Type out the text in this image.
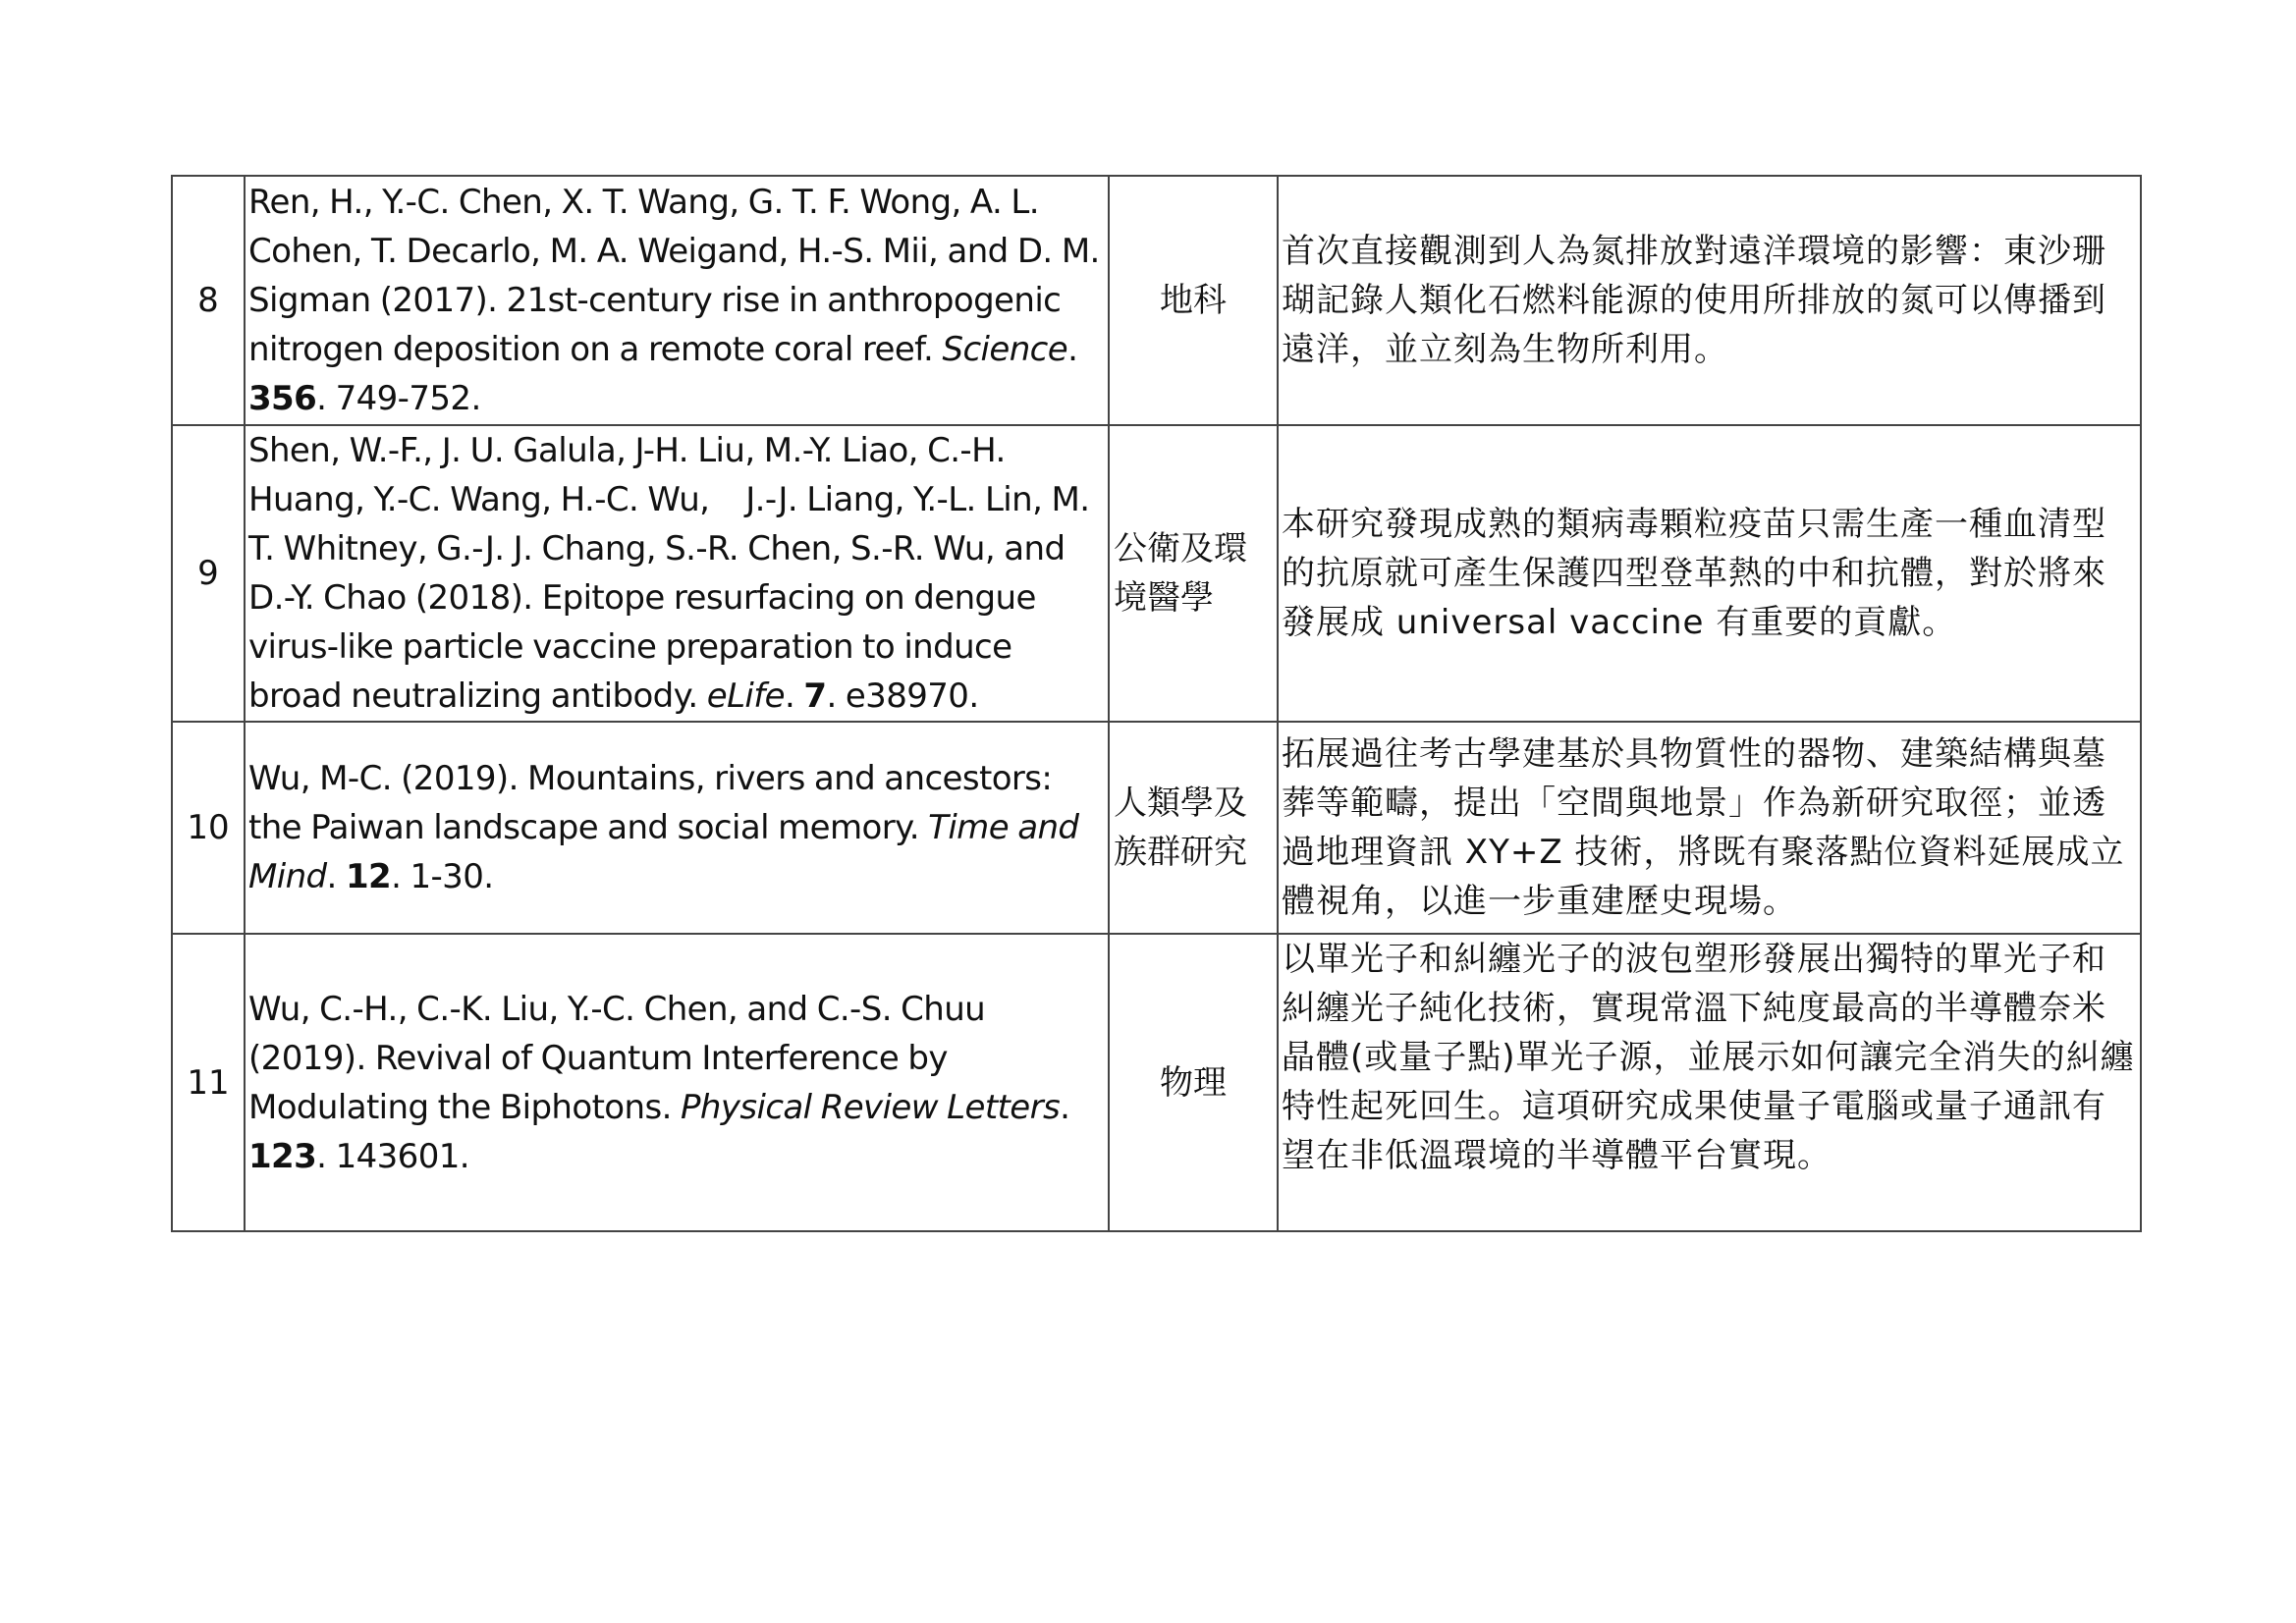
8	Ren, H., Y.-C. Chen, X. T. Wang, G. T. F. Wong, A. L. Cohen, T. Decarlo, M. A. Weigand, H.-S. Mii, and D. M. Sigman (2017). 21st-century rise in anthropogenic nitrogen deposition on a remote coral reef. Science. 356. 749-752.	地科	首次直接觀測到人為氮排放對遠洋環境的影響：東沙珊瑚記錄人類化石燃料能源的使用所排放的氮可以傳播到遠洋，並立刻為生物所利用。
9	Shen, W.-F., J. U. Galula, J-H. Liu, M.-Y. Liao, C.-H. Huang, Y.-C. Wang, H.-C. Wu,    J.-J. Liang, Y.-L. Lin, M. T. Whitney, G.-J. J. Chang, S.-R. Chen, S.-R. Wu, and D.-Y. Chao (2018). Epitope resurfacing on dengue virus-like particle vaccine preparation to induce broad neutralizing antibody. eLife. 7. e38970.	公衛及環境醫學	本研究發現成熟的類病毒顆粒疫苗只需生產一種血清型的抗原就可產生保護四型登革熱的中和抗體，對於將來發展成 universal vaccine 有重要的貢獻。
10	Wu, M-C. (2019). Mountains, rivers and ancestors: the Paiwan landscape and social memory. Time and Mind. 12. 1-30.	人類學及族群研究	拓展過往考古學建基於具物質性的器物、建築結構與墓葬等範疇，提出「空間與地景」作為新研究取徑；並透過地理資訊 XY+Z 技術，將既有聚落點位資料延展成立體視角，以進一步重建歷史現場。
11	Wu, C.-H., C.-K. Liu, Y.-C. Chen, and C.-S. Chuu (2019). Revival of Quantum Interference by Modulating the Biphotons. Physical Review Letters. 123. 143601.	物理	以單光子和糾纏光子的波包塑形發展出獨特的單光子和糾纏光子純化技術，實現常溫下純度最高的半導體奈米晶體(或量子點)單光子源，並展示如何讓完全消失的糾纏特性起死回生。這項研究成果使量子電腦或量子通訊有望在非低溫環境的半導體平台實現。
